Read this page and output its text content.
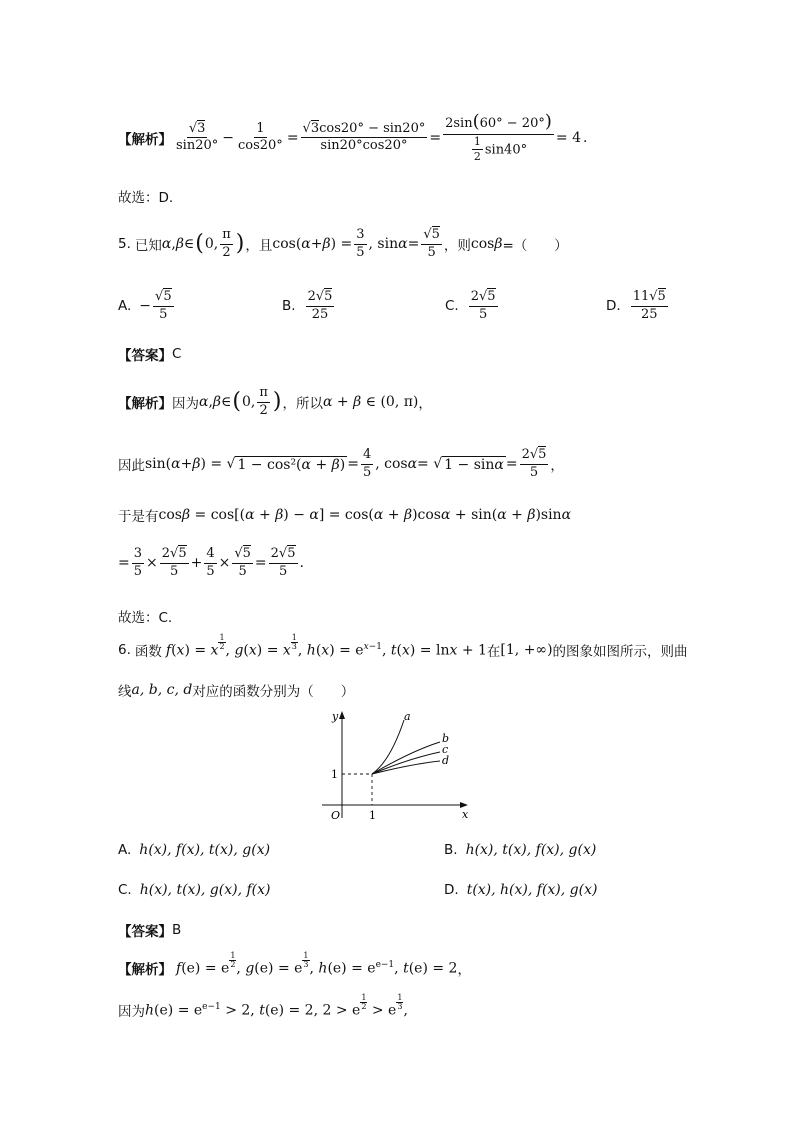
【解析】 $\frac{√3}{\sin 20^\circ} - \frac{1}{\cos 20^\circ} = \frac{√3\cos 20^\circ - \sin 20^\circ}{\sin 20^\circ\cos 20^\circ} = \frac{2\sin(60^\circ - 20^\circ)}{\frac{1}{2} \sin 40^\circ} = 4$ .
故选：D.
5. 已知 α , β ∈ ( 0, $\frac{\pi}{2}$ ) ，且 cos( α + β ) = $\frac{3}{5}$ , $\sin \alpha = \frac{√5}{5}$ ，则 cosβ =（　　）
A. − $\frac{√5}{5}$	B. $\frac{2√5}{25}$	C. $\frac{2√5}{5}$	D. $\frac{11√5}{25}$
【答案】 C
【解析】 因为 α , β ∈ ( 0, $\frac{\pi}{2}$ ) ，所以 α + β ∈ (0, π) ，
因此 sin( α + β ) = √ $1 - \cos^2(\alpha + \beta) = \frac{4}{5}$ , cos α = √ $1 - \sin\alpha = \frac{2√5}{5}$ ，
于是有 cosβ = cos[(α + β) − α] = cos(α + β)cosα + sin(α + β)sinα
= $\frac{3}{5} \times \frac{2√5}{5} + \frac{4}{5} \times \frac{√5}{5} = \frac{2√5}{5}$ .
故选：C.
6. 函数 f(x) = x $\frac{1}{2}$ , g(x) = x $\frac{1}{3}$ , $h(x) = e^{x-1}$, t(x) = lnx + 1 在 [1, +∞) 的图象如图所示，则曲
线 a, b, c, d 对应的函数分别为（　　）
a
b
c
d
y
x
O	1
1
A. h(x), f(x), t(x), g(x)	B. h(x), t(x), f(x), g(x)
C. h(x), t(x), g(x), f(x)	D. t(x), h(x), f(x), g(x)
【答案】 B
【解析】 f(e) = e $\frac{1}{2}$ , g(e) = e $\frac{1}{3}$ , $h(e) = e^{e-1}$, t(e) = 2 ，
因为 $h(e) = e^{e-1} > 2$, t(e) = 2, 2 > e $\frac{1}{2} > e \frac{1}{3}$ ,
